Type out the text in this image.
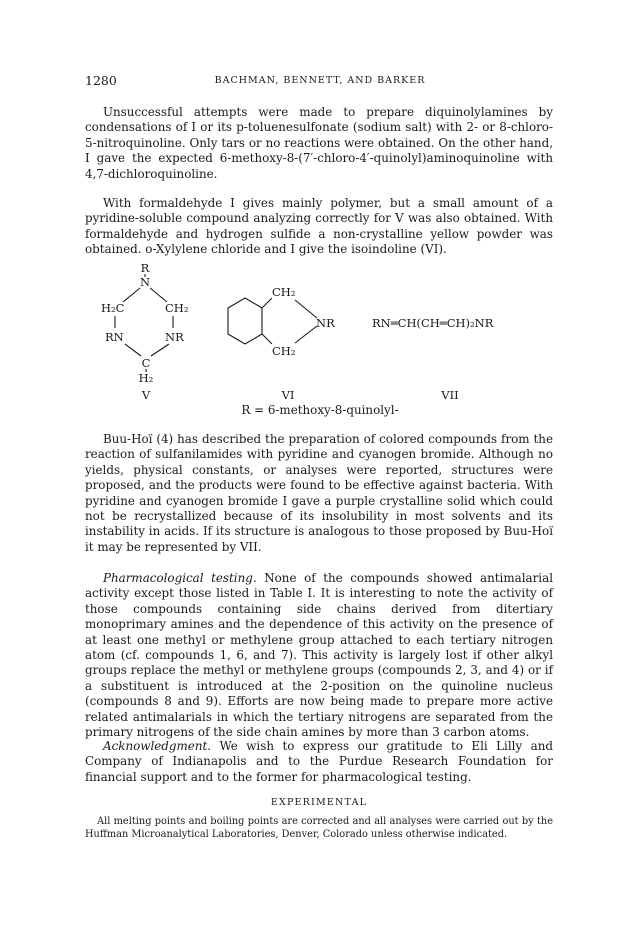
1280	BACHMAN, BENNETT, AND BARKER

Unsuccessful attempts were made to prepare diquinolylamines by condensations of I or its p-toluenesulfonate (sodium salt) with 2- or 8-chloro-5-nitroquinoline. Only tars or no reactions were obtained. On the other hand, I gave the expected 6-methoxy-8-(7′-chloro-4′-quinolyl)aminoquinoline with 4,7-dichloroquinoline.

With formaldehyde I gives mainly polymer, but a small amount of a pyridine-soluble compound analyzing correctly for V was also obtained. With formaldehyde and hydrogen sulfide a non-crystalline yellow powder was obtained. o-Xylylene chloride and I give the isoindoline (VI).

R
N
H₂C	CH₂
RN	NR
C
H₂
V
CH₂
CH₂
NR
VI
RN═CH(CH═CH)₂NR
VII
R = 6-methoxy-8-quinolyl-

Buu-Hoï (4) has described the preparation of colored compounds from the reaction of sulfanilamides with pyridine and cyanogen bromide. Although no yields, physical constants, or analyses were reported, structures were proposed, and the products were found to be effective against bacteria. With pyridine and cyanogen bromide I gave a purple crystalline solid which could not be recrystallized because of its insolubility in most solvents and its instability in acids. If its structure is analogous to those proposed by Buu-Hoï it may be represented by VII.

Pharmacological testing. None of the compounds showed antimalarial activity except those listed in Table I. It is interesting to note the activity of those compounds containing side chains derived from ditertiary monoprimary amines and the dependence of this activity on the presence of at least one methyl or methylene group attached to each tertiary nitrogen atom (cf. compounds 1, 6, and 7). This activity is largely lost if other alkyl groups replace the methyl or methylene groups (compounds 2, 3, and 4) or if a substituent is introduced at the 2-position on the quinoline nucleus (compounds 8 and 9). Efforts are now being made to prepare more active related antimalarials in which the tertiary nitrogens are separated from the primary nitrogens of the side chain amines by more than 3 carbon atoms.

Acknowledgment. We wish to express our gratitude to Eli Lilly and Company of Indianapolis and to the Purdue Research Foundation for financial support and to the former for pharmacological testing.

EXPERIMENTAL

All melting points and boiling points are corrected and all analyses were carried out by the Huffman Microanalytical Laboratories, Denver, Colorado unless otherwise indicated.
